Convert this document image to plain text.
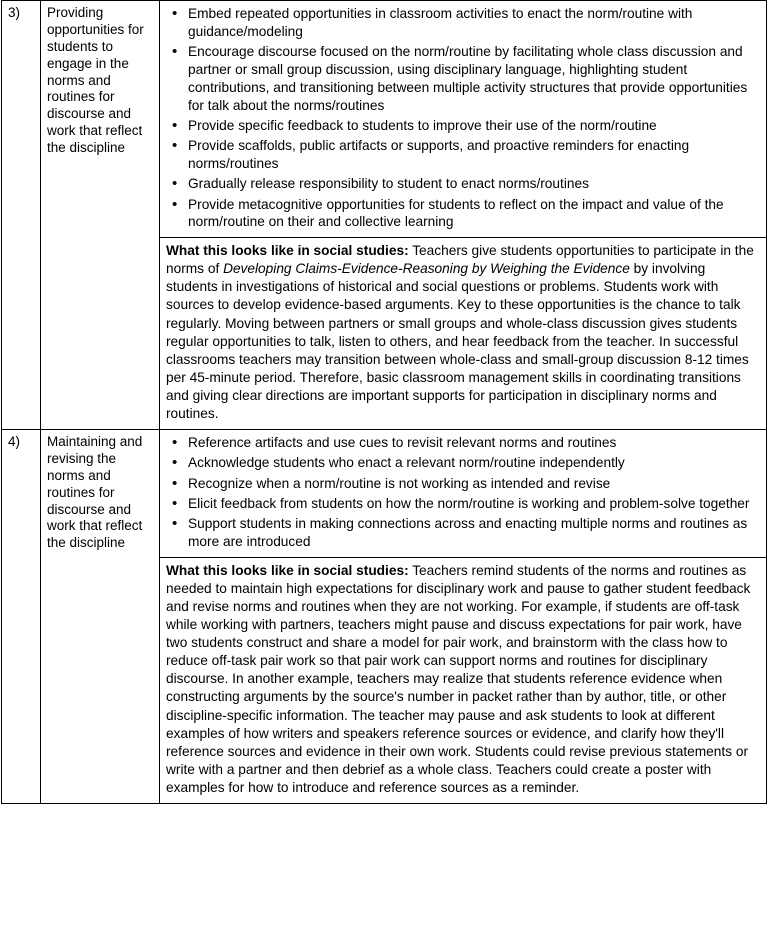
3)	Providing opportunities for students to engage in the norms and routines for discourse and work that reflect the discipline	
• Embed repeated opportunities in classroom activities to enact the norm/routine with guidance/modeling
• Encourage discourse focused on the norm/routine by facilitating whole class discussion and partner or small group discussion, using disciplinary language, highlighting student contributions, and transitioning between multiple activity structures that provide opportunities for talk about the norms/routines
• Provide specific feedback to students to improve their use of the norm/routine
• Provide scaffolds, public artifacts or supports, and proactive reminders for enacting norms/routines
• Gradually release responsibility to student to enact norms/routines
• Provide metacognitive opportunities for students to reflect on the impact and value of the norm/routine on their and collective learning

		What this looks like in social studies: Teachers give students opportunities to participate in the norms of Developing Claims-Evidence-Reasoning by Weighing the Evidence by involving students in investigations of historical and social questions or problems. Students work with sources to develop evidence-based arguments. Key to these opportunities is the chance to talk regularly. Moving between partners or small groups and whole-class discussion gives students regular opportunities to talk, listen to others, and hear feedback from the teacher. In successful classrooms teachers may transition between whole-class and small-group discussion 8-12 times per 45-minute period. Therefore, basic classroom management skills in coordinating transitions and giving clear directions are important supports for participation in disciplinary norms and routines.

4)	Maintaining and revising the norms and routines for discourse and work that reflect the discipline	
• Reference artifacts and use cues to revisit relevant norms and routines
• Acknowledge students who enact a relevant norm/routine independently
• Recognize when a norm/routine is not working as intended and revise
• Elicit feedback from students on how the norm/routine is working and problem-solve together
• Support students in making connections across and enacting multiple norms and routines as more are introduced

		What this looks like in social studies: Teachers remind students of the norms and routines as needed to maintain high expectations for disciplinary work and pause to gather student feedback and revise norms and routines when they are not working. For example, if students are off-task while working with partners, teachers might pause and discuss expectations for pair work, have two students construct and share a model for pair work, and brainstorm with the class how to reduce off-task pair work so that pair work can support norms and routines for disciplinary discourse. In another example, teachers may realize that students reference evidence when constructing arguments by the source's number in packet rather than by author, title, or other discipline-specific information. The teacher may pause and ask students to look at different examples of how writers and speakers reference sources or evidence, and clarify how they'll reference sources and evidence in their own work. Students could revise previous statements or write with a partner and then debrief as a whole class. Teachers could create a poster with examples for how to introduce and reference sources as a reminder.
